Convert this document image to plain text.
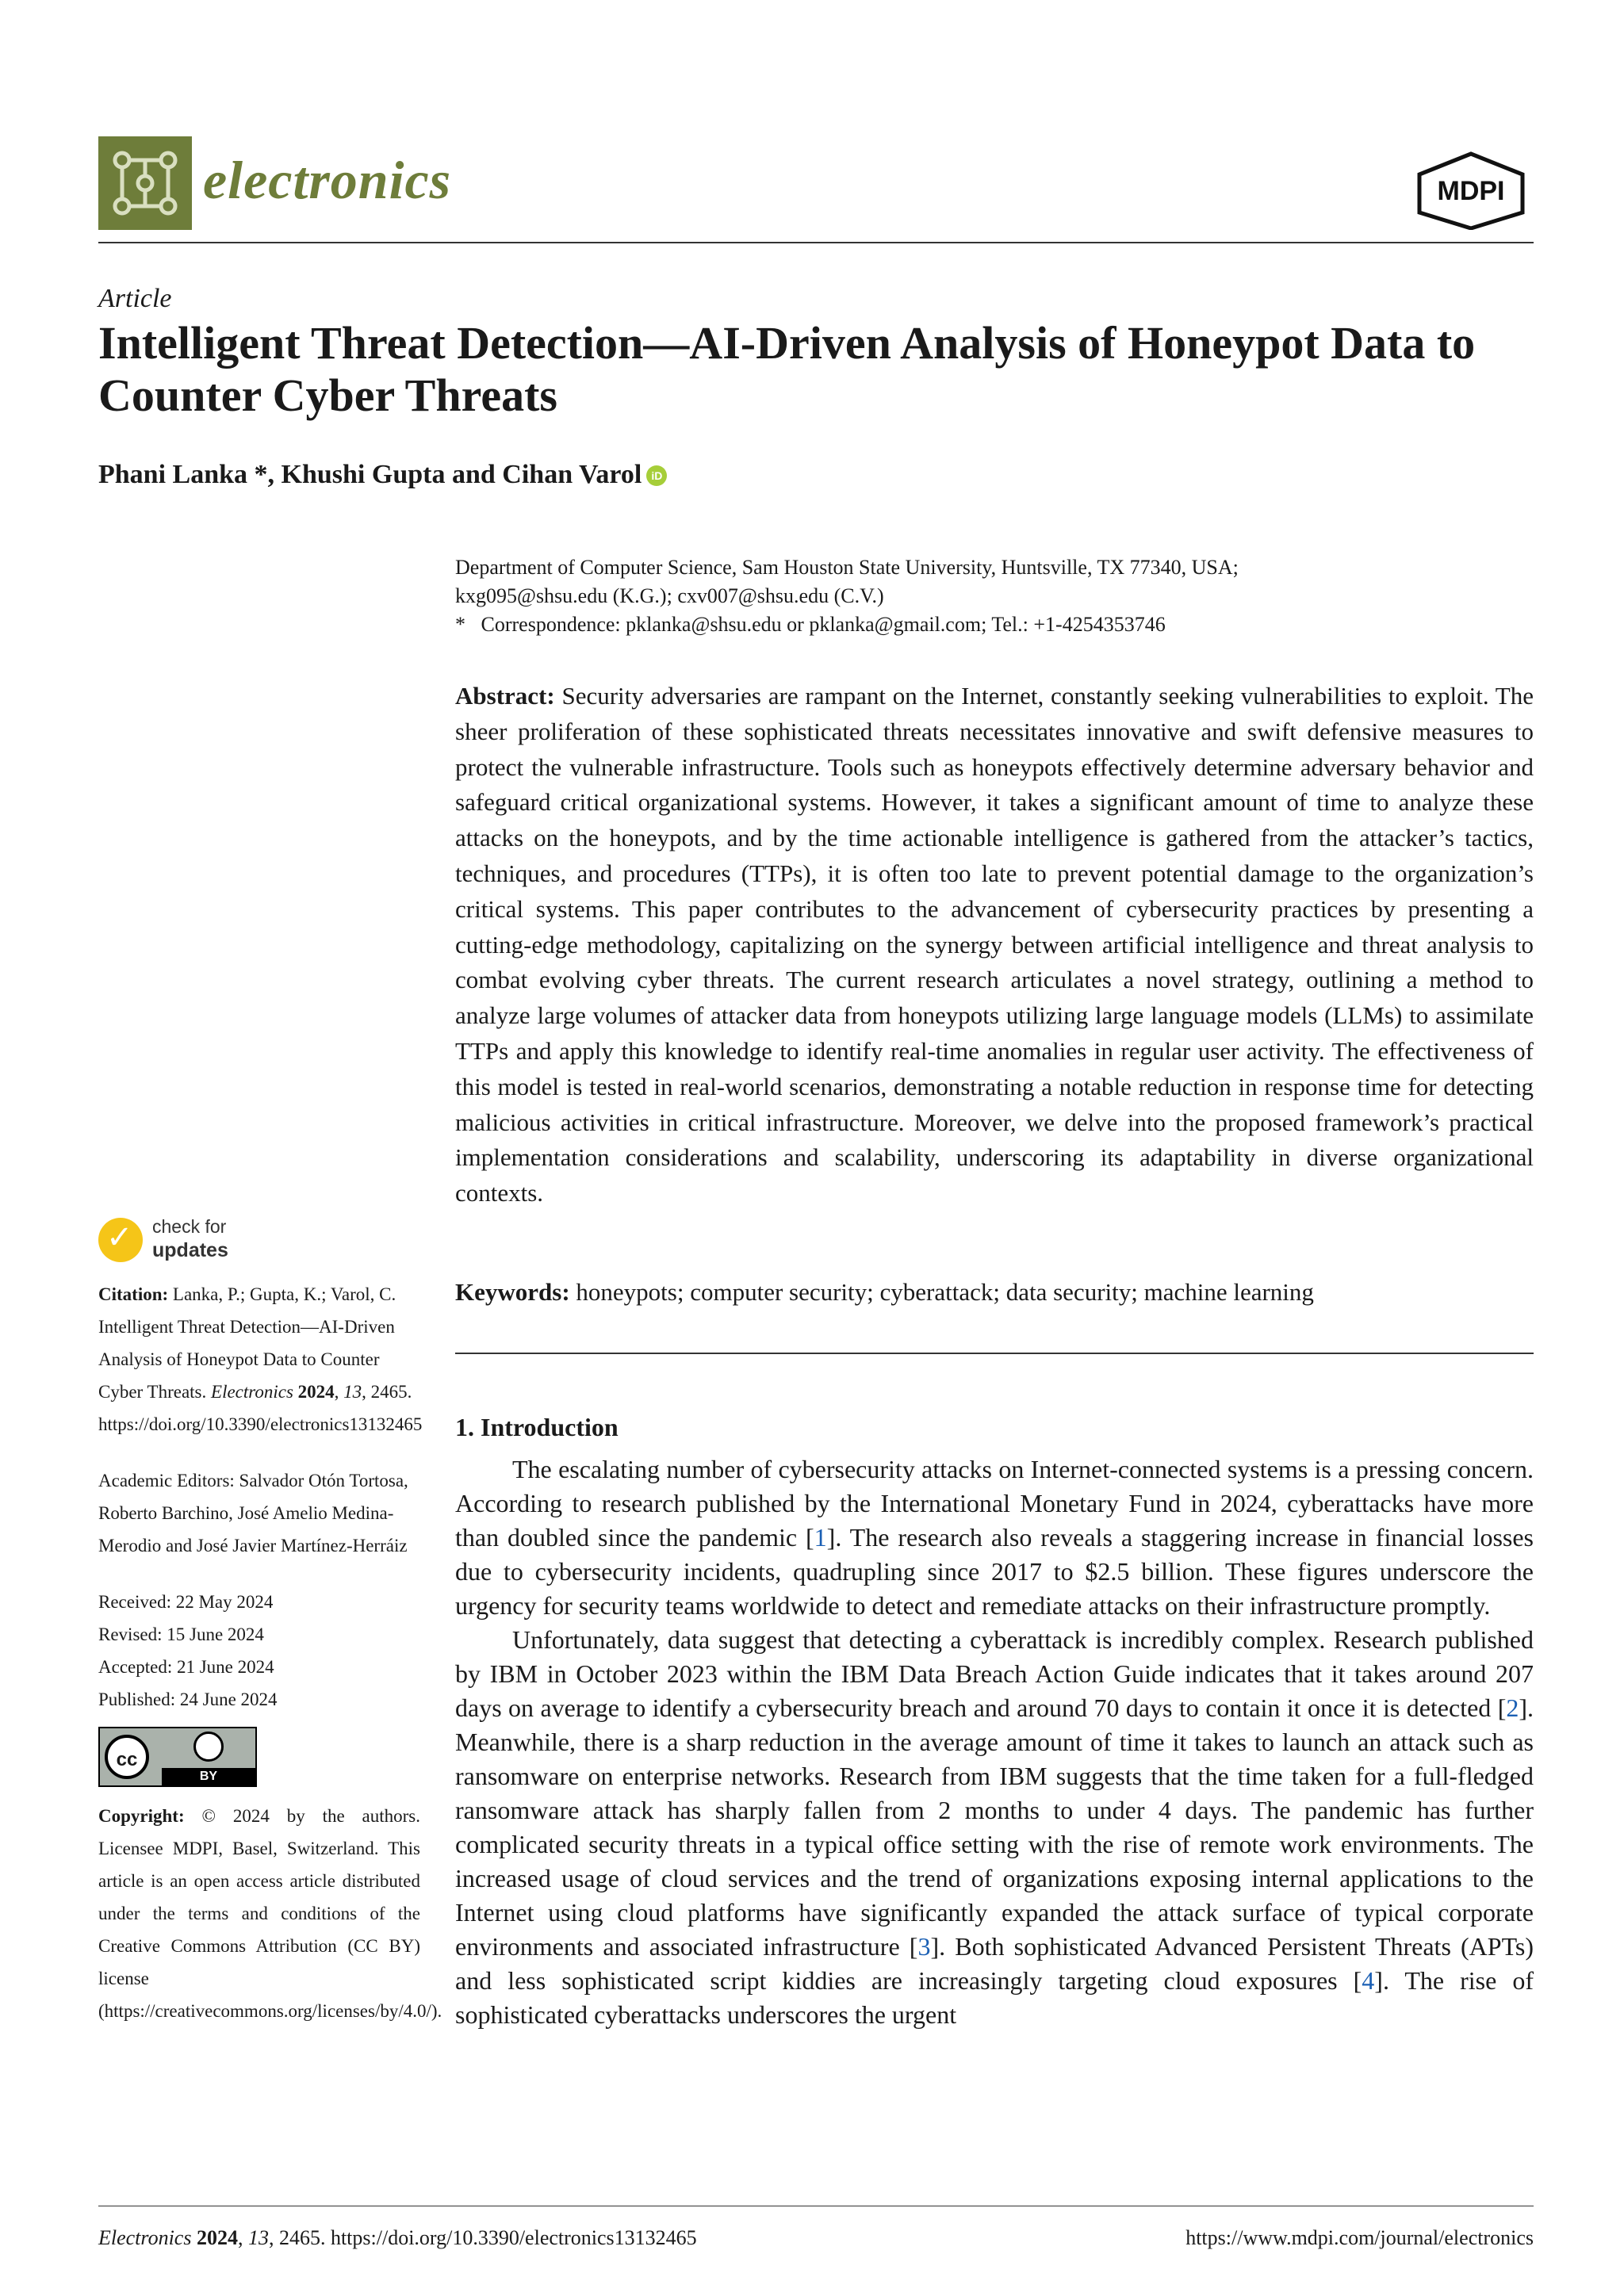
electronics	MDPI
Article
Intelligent Threat Detection—AI-Driven Analysis of Honeypot Data to Counter Cyber Threats
Phani Lanka *, Khushi Gupta and Cihan Varol iD
Department of Computer Science, Sam Houston State University, Huntsville, TX 77340, USA;
kxg095@shsu.edu (K.G.); cxv007@shsu.edu (C.V.)
*   Correspondence: pklanka@shsu.edu or pklanka@gmail.com; Tel.: +1-4254353746
Abstract: Security adversaries are rampant on the Internet, constantly seeking vulnerabilities to exploit. The sheer proliferation of these sophisticated threats necessitates innovative and swift defensive measures to protect the vulnerable infrastructure. Tools such as honeypots effectively determine adversary behavior and safeguard critical organizational systems. However, it takes a significant amount of time to analyze these attacks on the honeypots, and by the time actionable intelligence is gathered from the attacker’s tactics, techniques, and procedures (TTPs), it is often too late to prevent potential damage to the organization’s critical systems. This paper contributes to the advancement of cybersecurity practices by presenting a cutting-edge methodology, capitalizing on the synergy between artificial intelligence and threat analysis to combat evolving cyber threats. The current research articulates a novel strategy, outlining a method to analyze large volumes of attacker data from honeypots utilizing large language models (LLMs) to assimilate TTPs and apply this knowledge to identify real-time anomalies in regular user activity. The effectiveness of this model is tested in real-world scenarios, demonstrating a notable reduction in response time for detecting malicious activities in critical infrastructure. Moreover, we delve into the proposed framework’s practical implementation considerations and scalability, underscoring its adaptability in diverse organizational contexts.
Keywords: honeypots; computer security; cyberattack; data security; machine learning
1. Introduction

The escalating number of cybersecurity attacks on Internet-connected systems is a pressing concern. According to research published by the International Monetary Fund in 2024, cyberattacks have more than doubled since the pandemic [1]. The research also reveals a staggering increase in financial losses due to cybersecurity incidents, quadrupling since 2017 to $2.5 billion. These figures underscore the urgency for security teams worldwide to detect and remediate attacks on their infrastructure promptly.

Unfortunately, data suggest that detecting a cyberattack is incredibly complex. Research published by IBM in October 2023 within the IBM Data Breach Action Guide indicates that it takes around 207 days on average to identify a cybersecurity breach and around 70 days to contain it once it is detected [2]. Meanwhile, there is a sharp reduction in the average amount of time it takes to launch an attack such as ransomware on enterprise networks. Research from IBM suggests that the time taken for a full-fledged ransomware attack has sharply fallen from 2 months to under 4 days. The pandemic has further complicated security threats in a typical office setting with the rise of remote work environments. The increased usage of cloud services and the trend of organizations exposing internal applications to the Internet using cloud platforms have significantly expanded the attack surface of typical corporate environments and associated infrastructure [3]. Both sophisticated Advanced Persistent Threats (APTs) and less sophisticated script kiddies are increasingly targeting cloud exposures [4]. The rise of sophisticated cyberattacks underscores the urgent

✓ check for
updates

Citation: Lanka, P.; Gupta, K.; Varol, C. Intelligent Threat Detection—AI-Driven Analysis of Honeypot Data to Counter Cyber Threats. Electronics 2024, 13, 2465. https://doi.org/10.3390/electronics13132465

Academic Editors: Salvador Otón Tortosa, Roberto Barchino, José Amelio Medina-Merodio and José Javier Martínez-Herráiz

Received: 22 May 2024

Revised: 15 June 2024

Accepted: 21 June 2024

Published: 24 June 2024

cc
BY

Copyright: © 2024 by the authors. Licensee MDPI, Basel, Switzerland. This article is an open access article distributed under the terms and conditions of the Creative Commons Attribution (CC BY) license (https://creativecommons.org/licenses/by/4.0/).

Electronics 2024, 13, 2465. https://doi.org/10.3390/electronics13132465	https://www.mdpi.com/journal/electronics
